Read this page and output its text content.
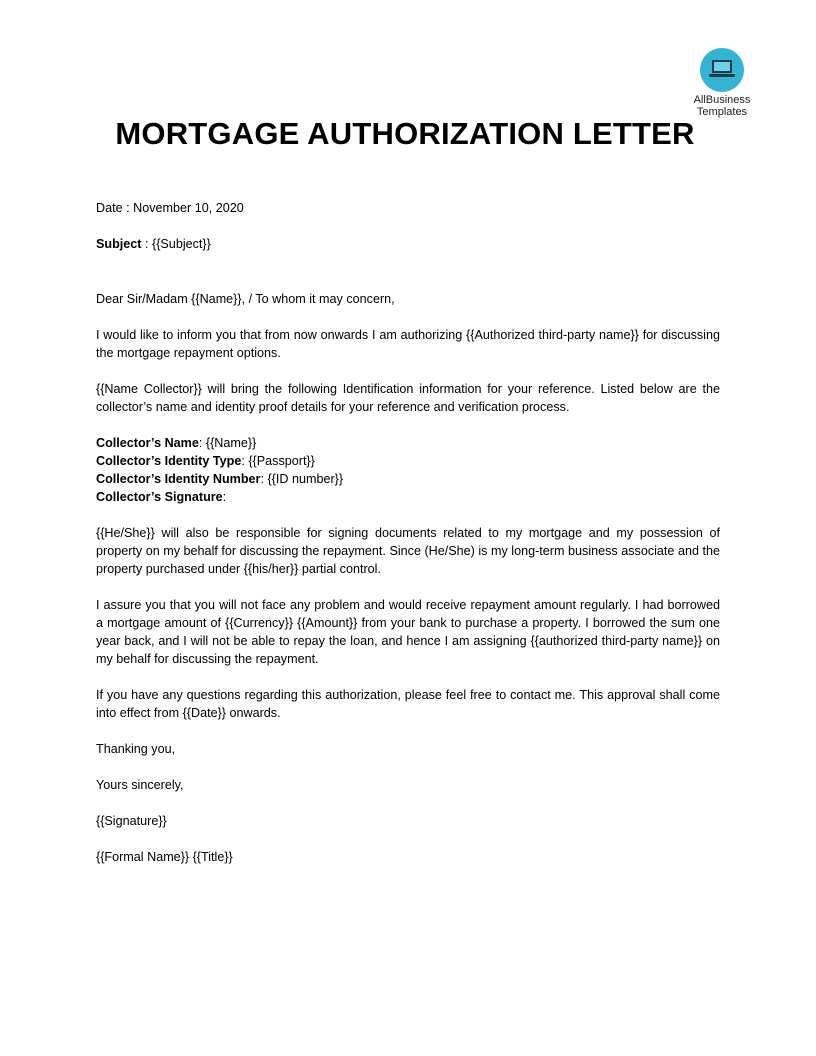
AllBusiness
Templates
MORTGAGE AUTHORIZATION LETTER

Date : November 10, 2020

Subject : {{Subject}}

Dear Sir/Madam {{Name}}, / To whom it may concern,

I would like to inform you that from now onwards I am authorizing {{Authorized third-party name}} for discussing the mortgage repayment options.

{{Name Collector}} will bring the following Identification information for your reference. Listed below are the collector’s name and identity proof details for your reference and verification process.

Collector’s Name: {{Name}}

Collector’s Identity Type: {{Passport}}

Collector’s Identity Number: {{ID number}}

Collector’s Signature:

{{He/She}} will also be responsible for signing documents related to my mortgage and my possession of property on my behalf for discussing the repayment. Since (He/She) is my long-term business associate and the property purchased under {{his/her}} partial control.

I assure you that you will not face any problem and would receive repayment amount regularly. I had borrowed a mortgage amount of {{Currency}} {{Amount}} from your bank to purchase a property. I borrowed the sum one year back, and I will not be able to repay the loan, and hence I am assigning {{authorized third-party name}} on my behalf for discussing the repayment.

If you have any questions regarding this authorization, please feel free to contact me. This approval shall come into effect from {{Date}} onwards.

Thanking you,

Yours sincerely,

{{Signature}}

{{Formal Name}} {{Title}}
